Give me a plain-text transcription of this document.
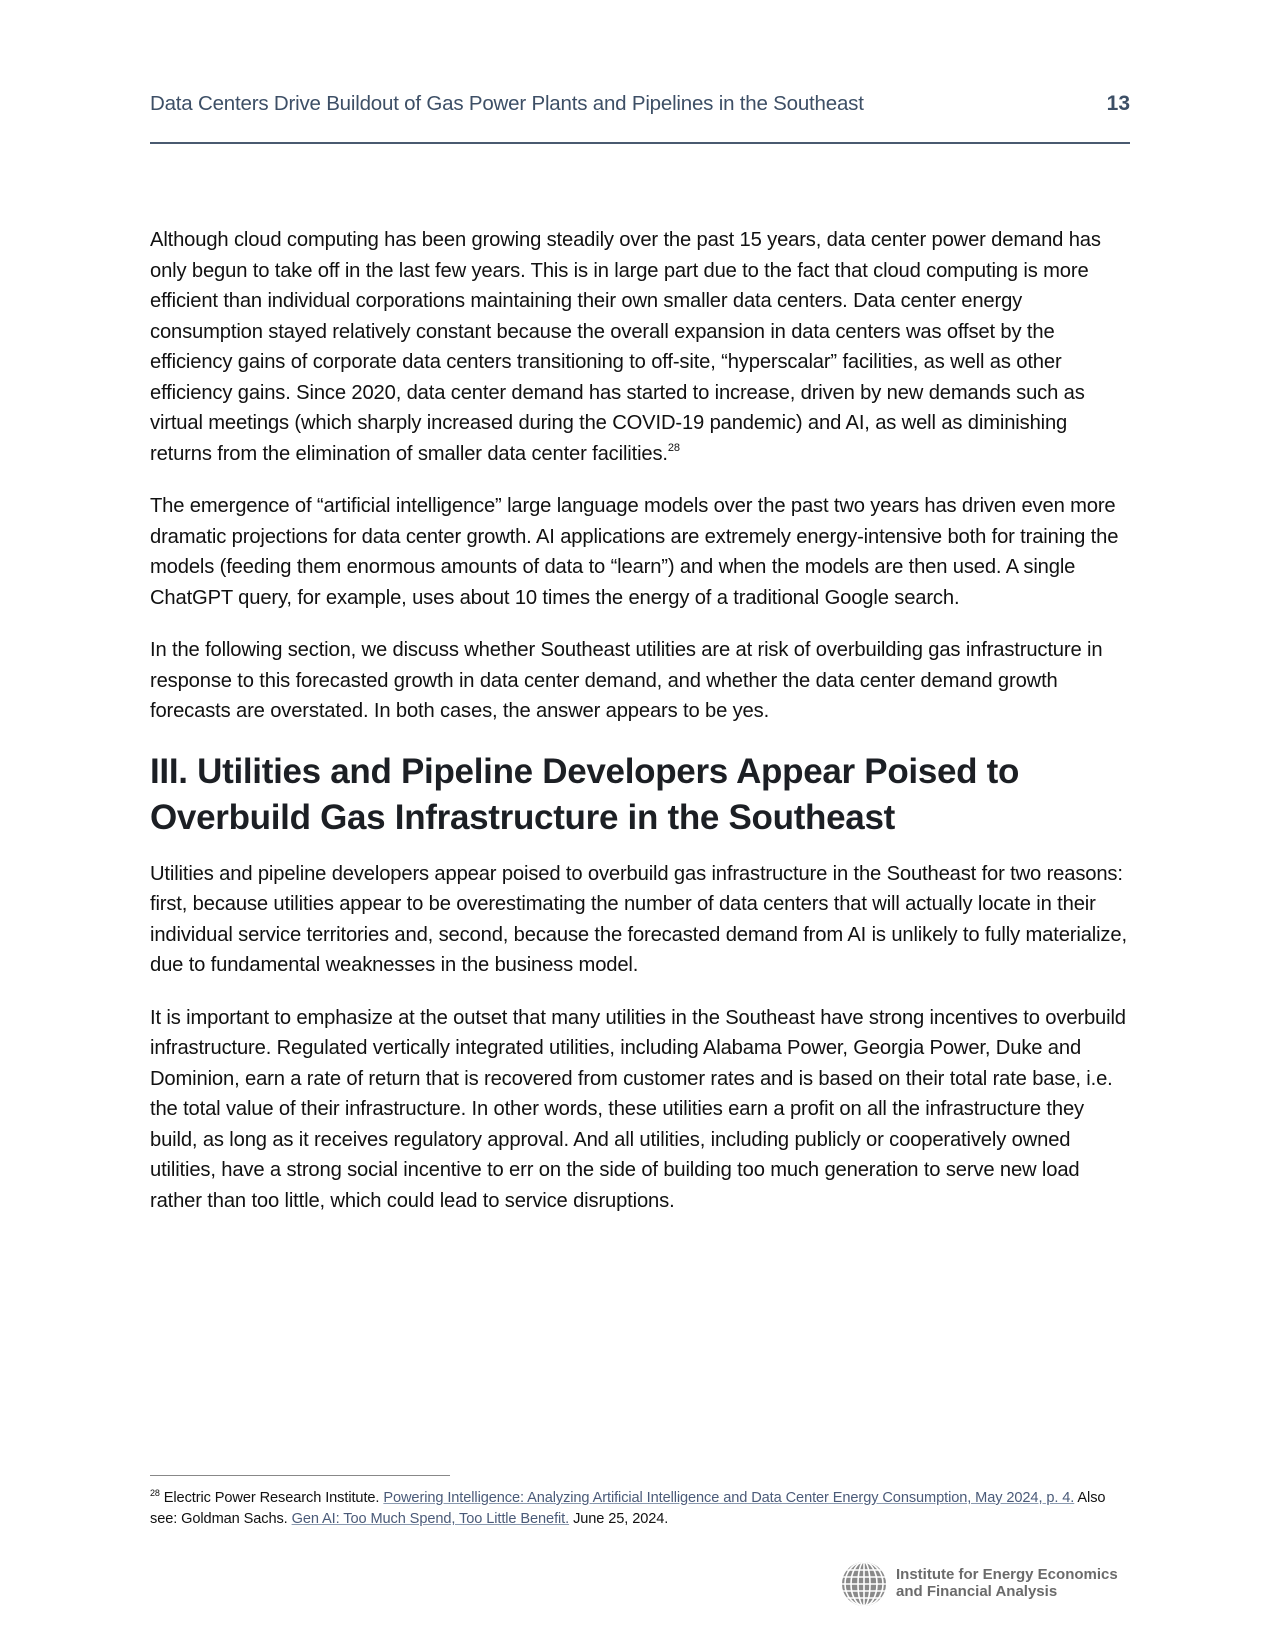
Data Centers Drive Buildout of Gas Power Plants and Pipelines in the Southeast	13

Although cloud computing has been growing steadily over the past 15 years, data center power demand has only begun to take off in the last few years. This is in large part due to the fact that cloud computing is more efficient than individual corporations maintaining their own smaller data centers. Data center energy consumption stayed relatively constant because the overall expansion in data centers was offset by the efficiency gains of corporate data centers transitioning to off-site, “hyperscalar” facilities, as well as other efficiency gains. Since 2020, data center demand has started to increase, driven by new demands such as virtual meetings (which sharply increased during the COVID-19 pandemic) and AI, as well as diminishing returns from the elimination of smaller data center facilities.$^{28}$

The emergence of “artificial intelligence” large language models over the past two years has driven even more dramatic projections for data center growth. AI applications are extremely energy-intensive both for training the models (feeding them enormous amounts of data to “learn”) and when the models are then used. A single ChatGPT query, for example, uses about 10 times the energy of a traditional Google search.

In the following section, we discuss whether Southeast utilities are at risk of overbuilding gas infrastructure in response to this forecasted growth in data center demand, and whether the data center demand growth forecasts are overstated. In both cases, the answer appears to be yes.

III. Utilities and Pipeline Developers Appear Poised to Overbuild Gas Infrastructure in the Southeast

Utilities and pipeline developers appear poised to overbuild gas infrastructure in the Southeast for two reasons: first, because utilities appear to be overestimating the number of data centers that will actually locate in their individual service territories and, second, because the forecasted demand from AI is unlikely to fully materialize, due to fundamental weaknesses in the business model.

It is important to emphasize at the outset that many utilities in the Southeast have strong incentives to overbuild infrastructure. Regulated vertically integrated utilities, including Alabama Power, Georgia Power, Duke and Dominion, earn a rate of return that is recovered from customer rates and is based on their total rate base, i.e. the total value of their infrastructure. In other words, these utilities earn a profit on all the infrastructure they build, as long as it receives regulatory approval. And all utilities, including publicly or cooperatively owned utilities, have a strong social incentive to err on the side of building too much generation to serve new load rather than too little, which could lead to service disruptions.

$^{28}$ Electric Power Research Institute. Powering Intelligence: Analyzing Artificial Intelligence and Data Center Energy Consumption, May 2024, p. 4. Also see: Goldman Sachs. Gen AI: Too Much Spend, Too Little Benefit. June 25, 2024.
Institute for Energy Economics
and Financial Analysis
